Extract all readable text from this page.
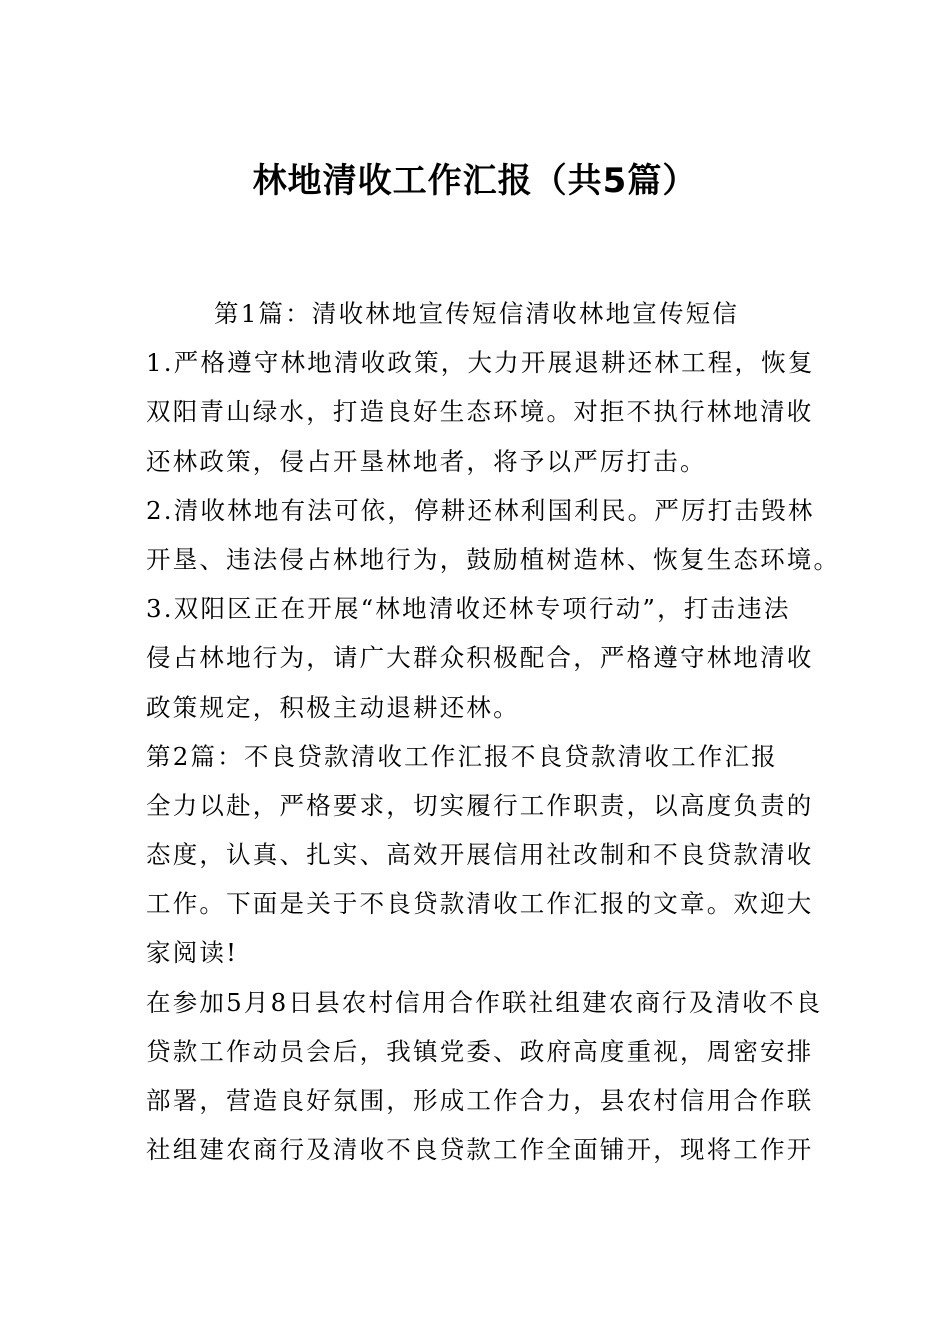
林地清收工作汇报（共5篇）
第1篇：清收林地宣传短信清收林地宣传短信
1.严格遵守林地清收政策，大力开展退耕还林工程，恢复
双阳青山绿水，打造良好生态环境。对拒不执行林地清收
还林政策，侵占开垦林地者，将予以严厉打击。
2.清收林地有法可依，停耕还林利国利民。严厉打击毁林
开垦、违法侵占林地行为，鼓励植树造林、恢复生态环境。
3.双阳区正在开展“林地清收还林专项行动”，打击违法
侵占林地行为，请广大群众积极配合，严格遵守林地清收
政策规定，积极主动退耕还林。
第2篇：不良贷款清收工作汇报不良贷款清收工作汇报
全力以赴，严格要求，切实履行工作职责，以高度负责的
态度，认真、扎实、高效开展信用社改制和不良贷款清收
工作。下面是关于不良贷款清收工作汇报的文章。欢迎大
家阅读!
在参加5月8日县农村信用合作联社组建农商行及清收不良
贷款工作动员会后，我镇党委、政府高度重视，周密安排
部署，营造良好氛围，形成工作合力，县农村信用合作联
社组建农商行及清收不良贷款工作全面铺开，现将工作开
